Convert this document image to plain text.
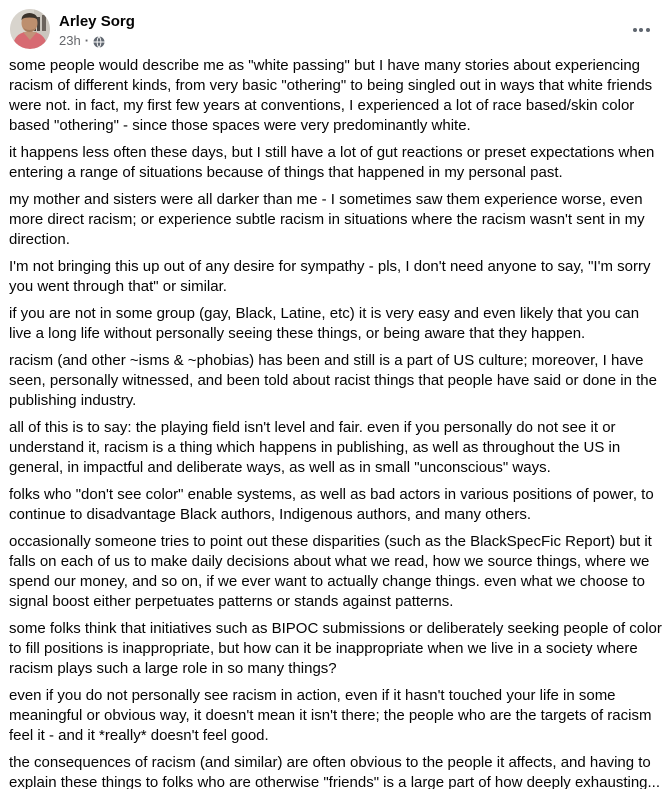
Arley Sorg
23h ·

some people would describe me as "white passing" but I have many stories about experiencing racism of different kinds, from very basic "othering" to being singled out in ways that white friends were not. in fact, my first few years at conventions, I experienced a lot of race based/skin color based "othering" - since those spaces were very predominantly white.

it happens less often these days, but I still have a lot of gut reactions or preset expectations when entering a range of situations because of things that happened in my personal past.

my mother and sisters were all darker than me - I sometimes saw them experience worse, even more direct racism; or experience subtle racism in situations where the racism wasn't sent in my direction.

I'm not bringing this up out of any desire for sympathy - pls, I don't need anyone to say, "I'm sorry you went through that" or similar.

if you are not in some group (gay, Black, Latine, etc) it is very easy and even likely that you can live a long life without personally seeing these things, or being aware that they happen.

racism (and other ~isms & ~phobias) has been and still is a part of US culture; moreover, I have seen, personally witnessed, and been told about racist things that people have said or done in the publishing industry.

all of this is to say: the playing field isn't level and fair. even if you personally do not see it or understand it, racism is a thing which happens in publishing, as well as throughout the US in general, in impactful and deliberate ways, as well as in small "unconscious" ways.

folks who "don't see color" enable systems, as well as bad actors in various positions of power, to continue to disadvantage Black authors, Indigenous authors, and many others.

occasionally someone tries to point out these disparities (such as the BlackSpecFic Report) but it falls on each of us to make daily decisions about what we read, how we source things, where we spend our money, and so on, if we ever want to actually change things. even what we choose to signal boost either perpetuates patterns or stands against patterns.

some folks think that initiatives such as BIPOC submissions or deliberately seeking people of color to fill positions is inappropriate, but how can it be inappropriate when we live in a society where racism plays such a large role in so many things?

even if you do not personally see racism in action, even if it hasn't touched your life in some meaningful or obvious way, it doesn't mean it isn't there; the people who are the targets of racism feel it - and it *really* doesn't feel good.

the consequences of racism (and similar) are often obvious to the people it affects, and having to explain these things to folks who are otherwise "friends" is a large part of how deeply exhausting...
